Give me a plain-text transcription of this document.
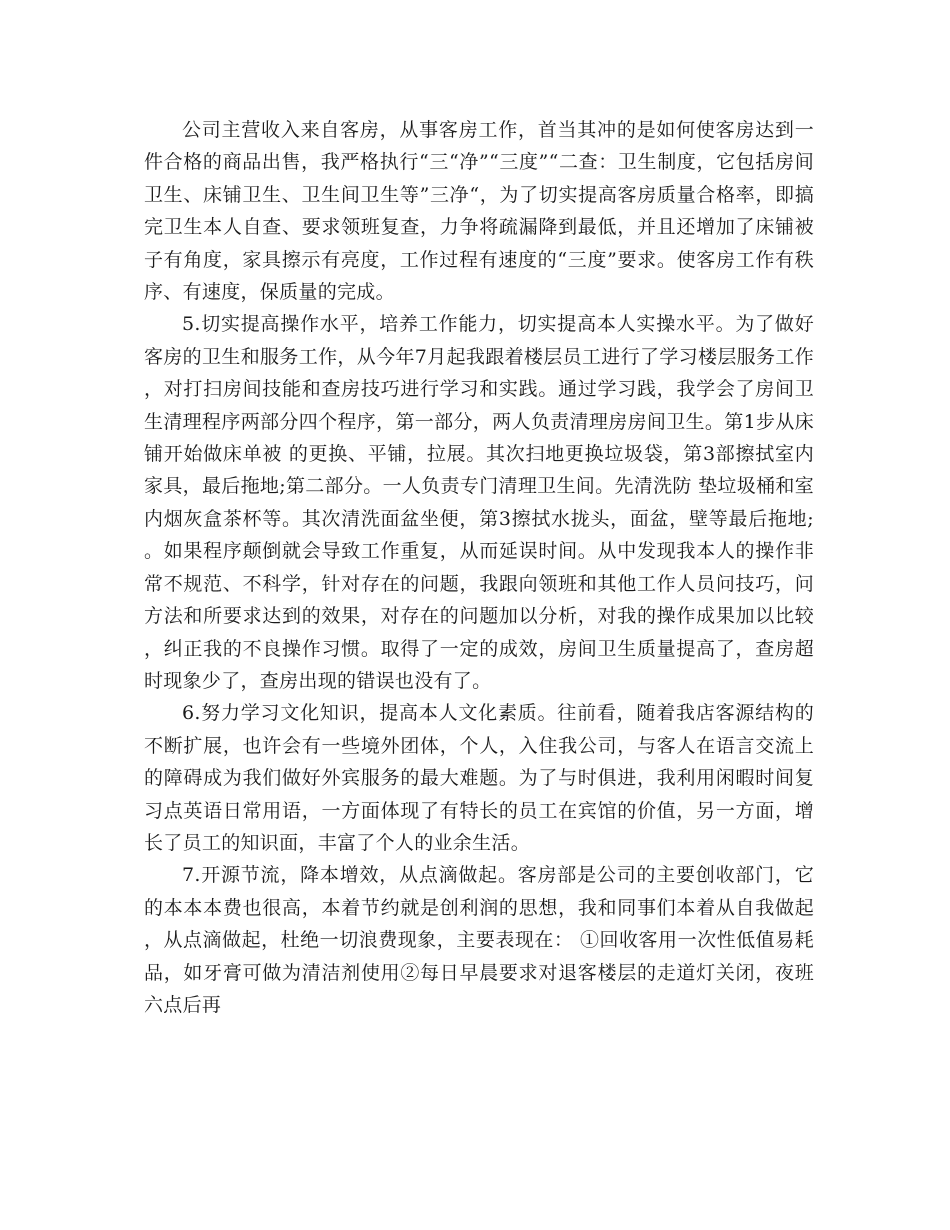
公司主营收入来自客房，从事客房工作，首当其冲的是如何使客房达到一件合格的商品出售，我严格执行“三“净”“三度”“二查：卫生制度，它包括房间卫生、床铺卫生、卫生间卫生等”三净“，为了切实提高客房质量合格率，即搞完卫生本人自查、要求领班复查，力争将疏漏降到最低，并且还增加了床铺被子有角度，家具擦示有亮度，工作过程有速度的“三度”要求。使客房工作有秩序、有速度，保质量的完成。

5.切实提高操作水平，培养工作能力，切实提高本人实操水平。为了做好客房的卫生和服务工作，从今年7月起我跟着楼层员工进行了学习楼层服务工作，对打扫房间技能和查房技巧进行学习和实践。通过学习践，我学会了房间卫生清理程序两部分四个程序，第一部分，两人负责清理房房间卫生。第1步从床铺开始做床单被 的更换、平铺，拉展。其次扫地更换垃圾袋，第3部擦拭室内家具，最后拖地;第二部分。一人负责专门清理卫生间。先清洗防 垫垃圾桶和室内烟灰盒茶杯等。其次清洗面盆坐便，第3擦拭水拢头，面盆，壁等最后拖地;。如果程序颠倒就会导致工作重复，从而延误时间。从中发现我本人的操作非常不规范、不科学，针对存在的问题，我跟向领班和其他工作人员问技巧，问方法和所要求达到的效果，对存在的问题加以分析，对我的操作成果加以比较，纠正我的不良操作习惯。取得了一定的成效，房间卫生质量提高了，查房超时现象少了，查房出现的错误也没有了。

6.努力学习文化知识，提高本人文化素质。往前看，随着我店客源结构的不断扩展，也许会有一些境外团体，个人，入住我公司，与客人在语言交流上的障碍成为我们做好外宾服务的最大难题。为了与时俱进，我利用闲暇时间复习点英语日常用语，一方面体现了有特长的员工在宾馆的价值，另一方面，增长了员工的知识面，丰富了个人的业余生活。

7.开源节流，降本增效，从点滴做起。客房部是公司的主要创收部门，它的本本本费也很高，本着节约就是创利润的思想，我和同事们本着从自我做起，从点滴做起，杜绝一切浪费现象，主要表现在： ①回收客用一次性低值易耗品，如牙膏可做为清洁剂使用②每日早晨要求对退客楼层的走道灯关闭，夜班六点后再
